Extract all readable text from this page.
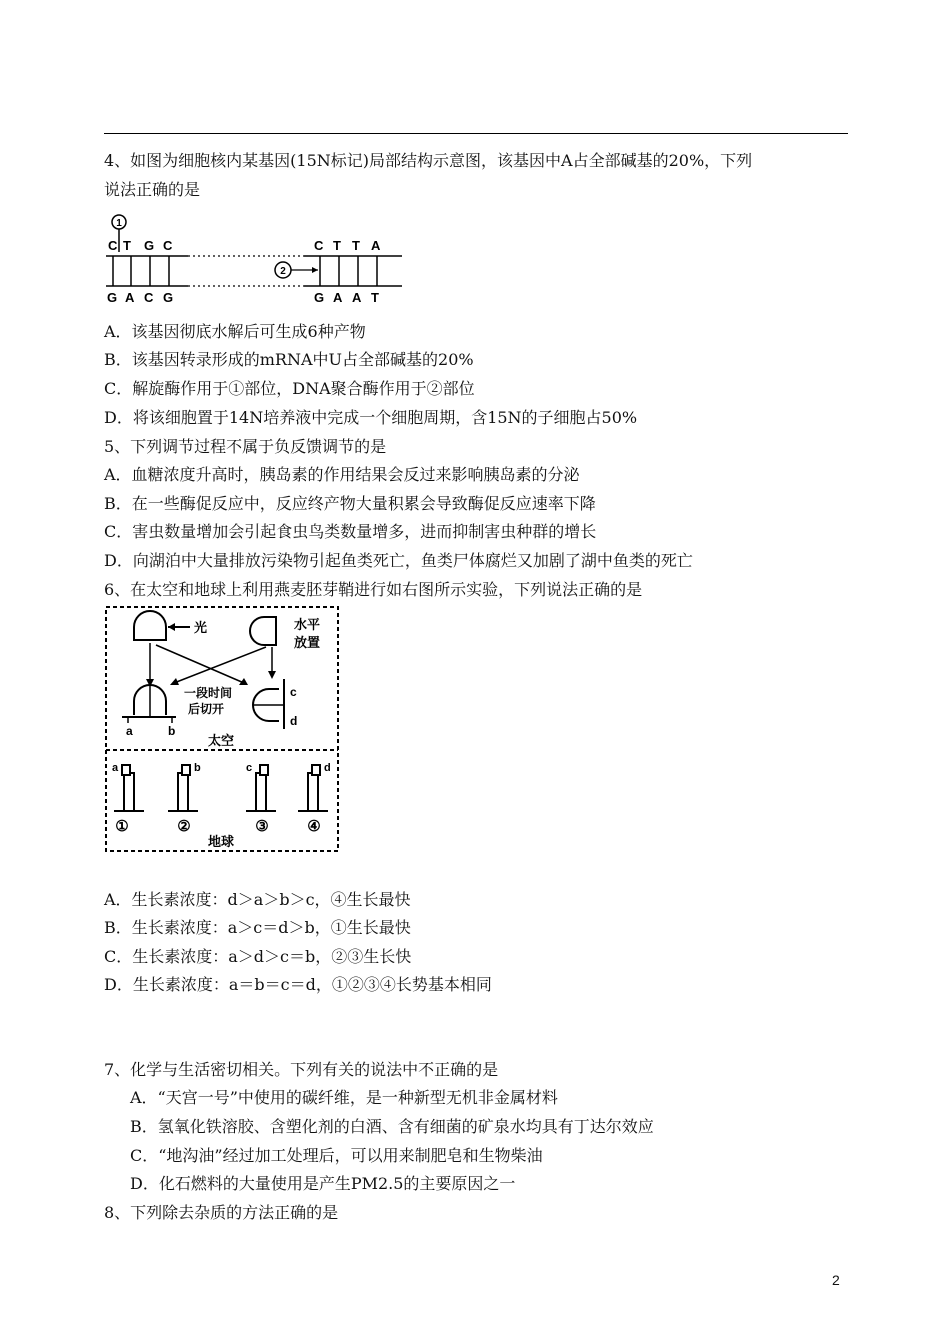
4、如图为细胞核内某基因(15N标记)局部结构示意图，该基因中A占全部碱基的20%，下列
说法正确的是
1
2
C T G C	C T T A
G A C G	G A A T
A．该基因彻底水解后可生成6种产物
B．该基因转录形成的mRNA中U占全部碱基的20%
C．解旋酶作用于①部位，DNA聚合酶作用于②部位
D．将该细胞置于14N培养液中完成一个细胞周期，含15N的子细胞占50%
5、下列调节过程不属于负反馈调节的是
A．血糖浓度升高时，胰岛素的作用结果会反过来影响胰岛素的分泌
B．在一些酶促反应中，反应终产物大量积累会导致酶促反应速率下降
C．害虫数量增加会引起食虫鸟类数量增多，进而抑制害虫种群的增长
D．向湖泊中大量排放污染物引起鱼类死亡，鱼类尸体腐烂又加剧了湖中鱼类的死亡
6、在太空和地球上利用燕麦胚芽鞘进行如右图所示实验，下列说法正确的是
光	水平
放置
一段时间
后切开
a	b
c
d
太空
a	b	c	d
①	②	③	④
地球
A．生长素浓度：d＞a＞b＞c，④生长最快
B．生长素浓度：a＞c＝d＞b，①生长最快
C．生长素浓度：a＞d＞c＝b，②③生长快
D．生长素浓度：a＝b＝c＝d，①②③④长势基本相同
7、化学与生活密切相关。下列有关的说法中不正确的是
A．“天宫一号”中使用的碳纤维，是一种新型无机非金属材料
B．氢氧化铁溶胶、含塑化剂的白酒、含有细菌的矿泉水均具有丁达尔效应
C．“地沟油”经过加工处理后，可以用来制肥皂和生物柴油
D．化石燃料的大量使用是产生PM2.5的主要原因之一
8、下列除去杂质的方法正确的是
2
